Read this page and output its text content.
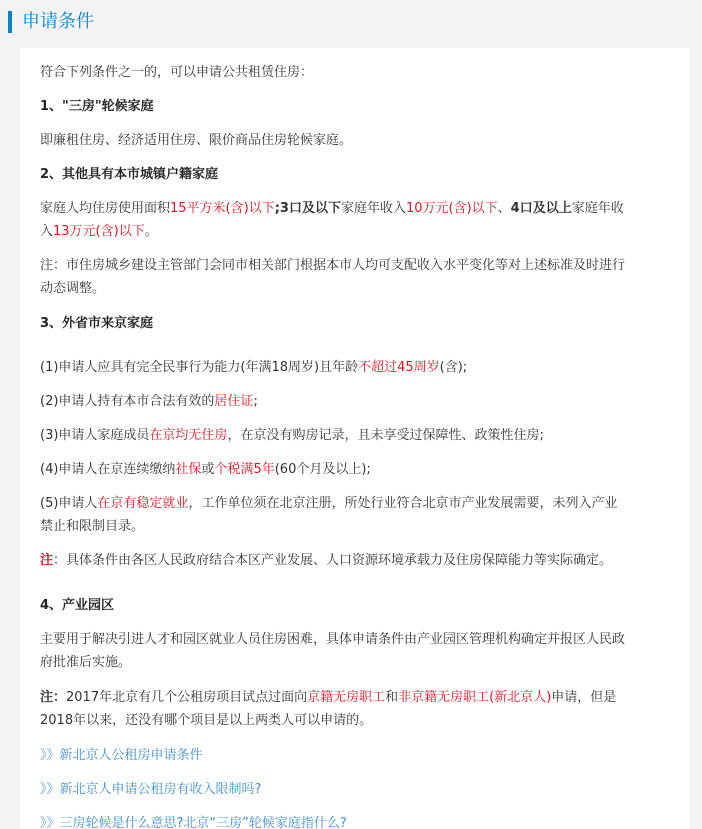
申请条件

符合下列条件之一的，可以申请公共租赁住房：

1、"三房"轮候家庭

即廉租住房、经济适用住房、限价商品住房轮候家庭。

2、其他具有本市城镇户籍家庭

家庭人均住房使用面积15平方米(含)以下;3口及以下家庭年收入10万元(含)以下、4口及以上家庭年收
入13万元(含)以下。

注：市住房城乡建设主管部门会同市相关部门根据本市人均可支配收入水平变化等对上述标准及时进行
动态调整。

3、外省市来京家庭

(1)申请人应具有完全民事行为能力(年满18周岁)且年龄不超过45周岁(含);

(2)申请人持有本市合法有效的居住证;

(3)申请人家庭成员在京均无住房，在京没有购房记录，且未享受过保障性、政策性住房;

(4)申请人在京连续缴纳社保或个税满5年(60个月及以上);

(5)申请人在京有稳定就业，工作单位须在北京注册，所处行业符合北京市产业发展需要，未列入产业
禁止和限制目录。

注：具体条件由各区人民政府结合本区产业发展、人口资源环境承载力及住房保障能力等实际确定。

4、产业园区

主要用于解决引进人才和园区就业人员住房困难，具体申请条件由产业园区管理机构确定并报区人民政
府批准后实施。

注：2017年北京有几个公租房项目试点过面向京籍无房职工和非京籍无房职工(新北京人)申请，但是
2018年以来，还没有哪个项目是以上两类人可以申请的。

》》新北京人公租房申请条件
》》新北京人申请公租房有收入限制吗?
》》三房轮候是什么意思?北京“三房”轮候家庭指什么?
